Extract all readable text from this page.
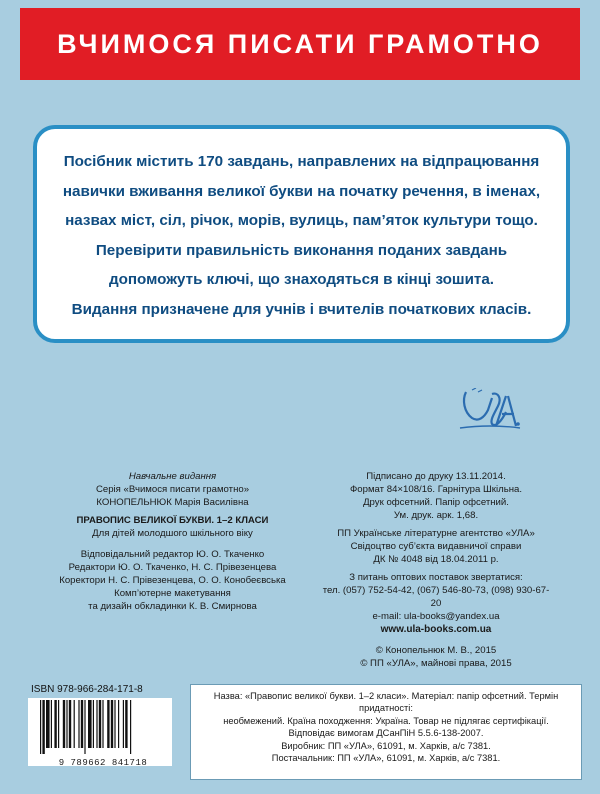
ВЧИМОСЯ ПИСАТИ ГРАМОТНО

Посібник містить 170 завдань, направлених на відпрацювання

навички вживання великої букви на початку речення, в іменах,

назвах міст, сіл, річок, морів, вулиць, пам’яток культури тощо.

Перевірити правильність виконання поданих завдань

допоможуть ключі, що знаходяться в кінці зошита.

Видання призначене для учнів і вчителів початкових класів.

Навчальне видання
Серія «Вчимося писати грамотно»
КОНОПЕЛЬНЮК Марія Василівна
ПРАВОПИС ВЕЛИКОЇ БУКВИ. 1–2 КЛАСИ
Для дітей молодшого шкільного віку
Відповідальний редактор Ю. О. Ткаченко
Редактори Ю. О. Ткаченко, Н. С. Прівезенцева
Коректори Н. С. Прівезенцева, О. О. Конобеєвська
Комп’ютерне макетування
та дизайн обкладинки К. В. Смирнова
Підписано до друку 13.11.2014.
Формат 84×108/16. Гарнітура Шкільна.
Друк офсетний. Папір офсетний.
Ум. друк. арк. 1,68.
ПП Українське літературне агентство «УЛА»
Свідоцтво суб’єкта видавничої справи
ДК № 4048 від 18.04.2011 р.
З питань оптових поставок звертатися:
тел. (057) 752-54-42, (067) 546-80-73, (098) 930-67-20
e-mail: ula-books@yandex.ua
www.ula-books.com.ua
© Конопельнюк М. В., 2015
© ПП «УЛА», майнові права, 2015
ISBN 978-966-284-171-8
9 789662 841718
Назва: «Правопис великої букви. 1–2 класи». Матеріал: папір офсетний. Термін придатності:
необмежений. Країна походження: Україна. Товар не підлягає сертифікації.
Відповідає вимогам ДСанПіН 5.5.6-138-2007.
Виробник: ПП «УЛА», 61091, м. Харків, а/с 7381.
Постачальник: ПП «УЛА», 61091, м. Харків, а/с 7381.
